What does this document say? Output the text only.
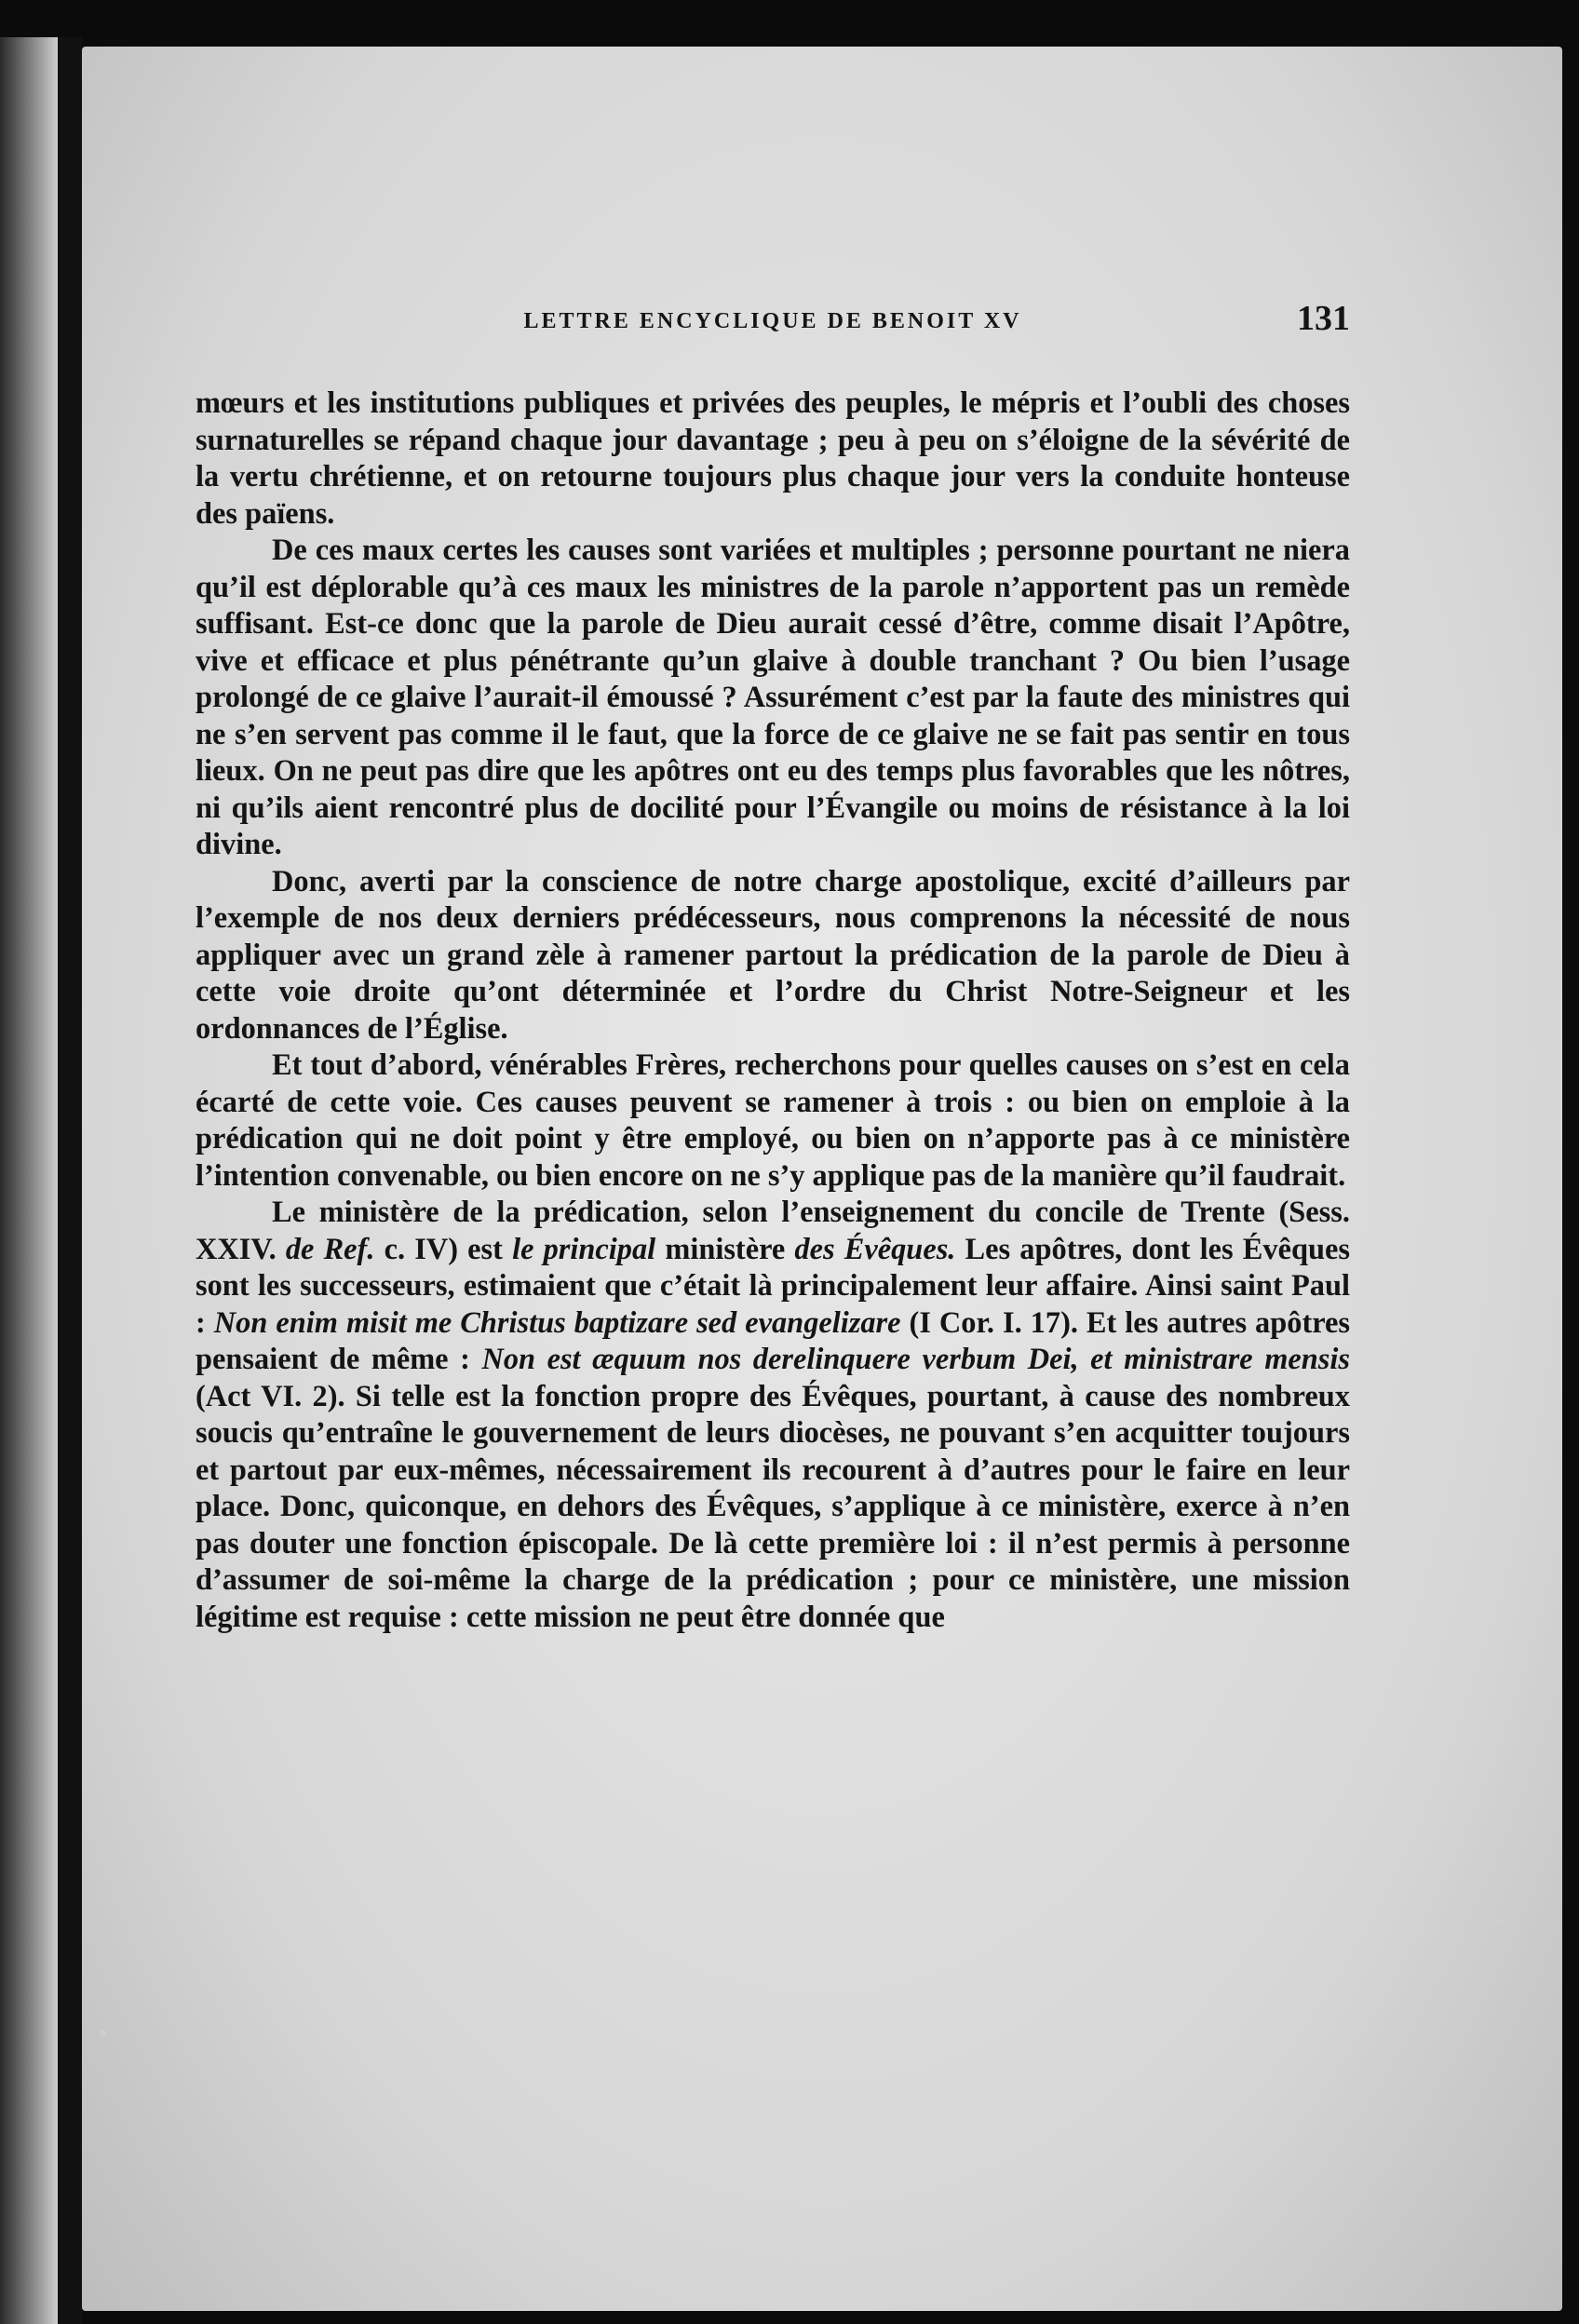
LETTRE ENCYCLIQUE DE BENOIT XV	131

mœurs et les institutions publiques et privées des peuples, le mépris et l’oubli des choses surnaturelles se répand chaque jour davantage ; peu à peu on s’éloigne de la sévérité de la vertu chrétienne, et on retourne toujours plus chaque jour vers la conduite honteuse des païens.

De ces maux certes les causes sont variées et multiples ; personne pourtant ne niera qu’il est déplorable qu’à ces maux les ministres de la parole n’apportent pas un remède suffisant. Est-ce donc que la parole de Dieu aurait cessé d’être, comme disait l’Apôtre, vive et efficace et plus pénétrante qu’un glaive à double tranchant ? Ou bien l’usage prolongé de ce glaive l’aurait-il émoussé ? Assurément c’est par la faute des ministres qui ne s’en servent pas comme il le faut, que la force de ce glaive ne se fait pas sentir en tous lieux. On ne peut pas dire que les apôtres ont eu des temps plus favorables que les nôtres, ni qu’ils aient rencontré plus de docilité pour l’Évangile ou moins de résistance à la loi divine.

Donc, averti par la conscience de notre charge apostolique, excité d’ailleurs par l’exemple de nos deux derniers prédécesseurs, nous comprenons la nécessité de nous appliquer avec un grand zèle à ramener partout la prédication de la parole de Dieu à cette voie droite qu’ont déterminée et l’ordre du Christ Notre-Seigneur et les ordonnances de l’Église.

Et tout d’abord, vénérables Frères, recherchons pour quelles causes on s’est en cela écarté de cette voie. Ces causes peuvent se ramener à trois : ou bien on emploie à la prédication qui ne doit point y être employé, ou bien on n’apporte pas à ce ministère l’intention convenable, ou bien encore on ne s’y applique pas de la manière qu’il faudrait.

Le ministère de la prédication, selon l’enseignement du concile de Trente (Sess. XXIV. de Ref. c. IV) est le principal ministère des Évêques. Les apôtres, dont les Évêques sont les successeurs, estimaient que c’était là principalement leur affaire. Ainsi saint Paul : Non enim misit me Christus baptizare sed evangelizare (I Cor. I. 17). Et les autres apôtres pensaient de même : Non est æquum nos derelinquere verbum Dei, et ministrare mensis (Act VI. 2). Si telle est la fonction propre des Évêques, pourtant, à cause des nombreux soucis qu’entraîne le gouvernement de leurs diocèses, ne pouvant s’en acquitter toujours et partout par eux-mêmes, nécessairement ils recourent à d’autres pour le faire en leur place. Donc, quiconque, en dehors des Évêques, s’applique à ce ministère, exerce à n’en pas douter une fonction épiscopale. De là cette première loi : il n’est permis à personne d’assumer de soi-même la charge de la prédication ; pour ce ministère, une mission légitime est requise : cette mission ne peut être donnée que
